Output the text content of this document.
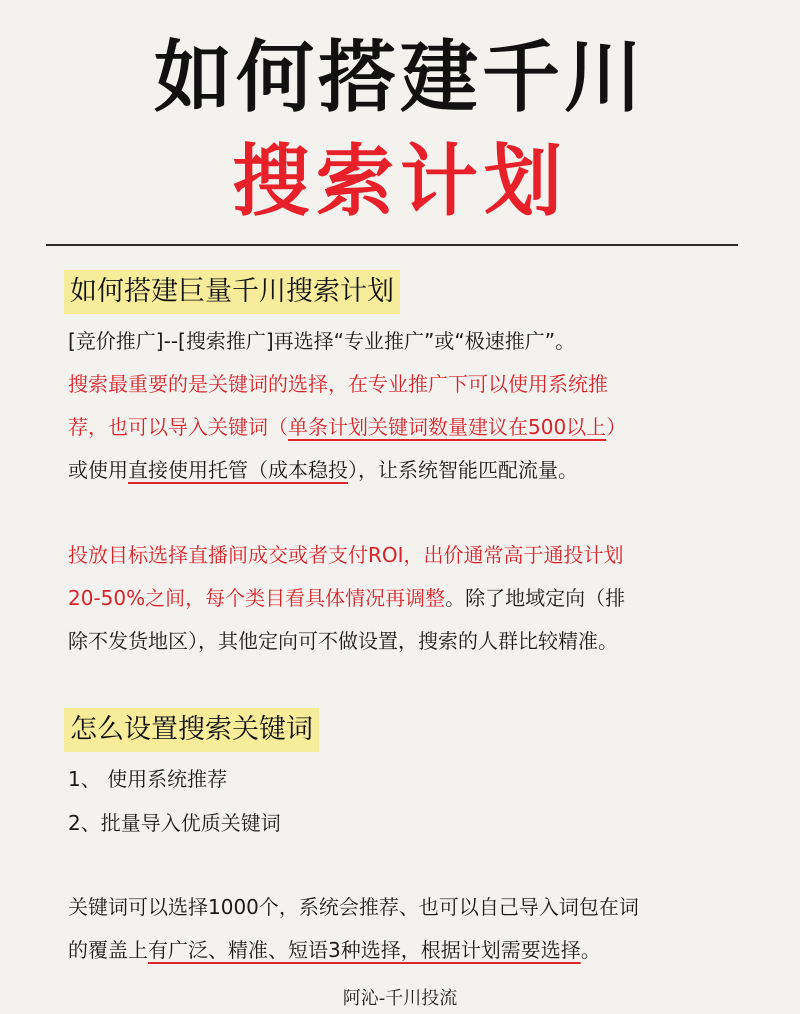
如何搭建千川
搜索计划
如何搭建巨量千川搜索计划
[竞价推广]--[搜索推广]再选择“专业推广”或“极速推广”。
搜索最重要的是关键词的选择，在专业推广下可以使用系统推
荐，也可以导入关键词（单条计划关键词数量建议在500以上）
或使用直接使用托管（成本稳投），让系统智能匹配流量。
投放目标选择直播间成交或者支付ROI，出价通常高于通投计划
20-50%之间，每个类目看具体情况再调整。除了地域定向（排
除不发货地区），其他定向可不做设置，搜索的人群比较精准。
怎么设置搜索关键词
1、 使用系统推荐
2、批量导入优质关键词
关键词可以选择1000个，系统会推荐、也可以自己导入词包在词
的覆盖上有广泛、精准、短语3种选择，根据计划需要选择。
阿沁-千川投流
